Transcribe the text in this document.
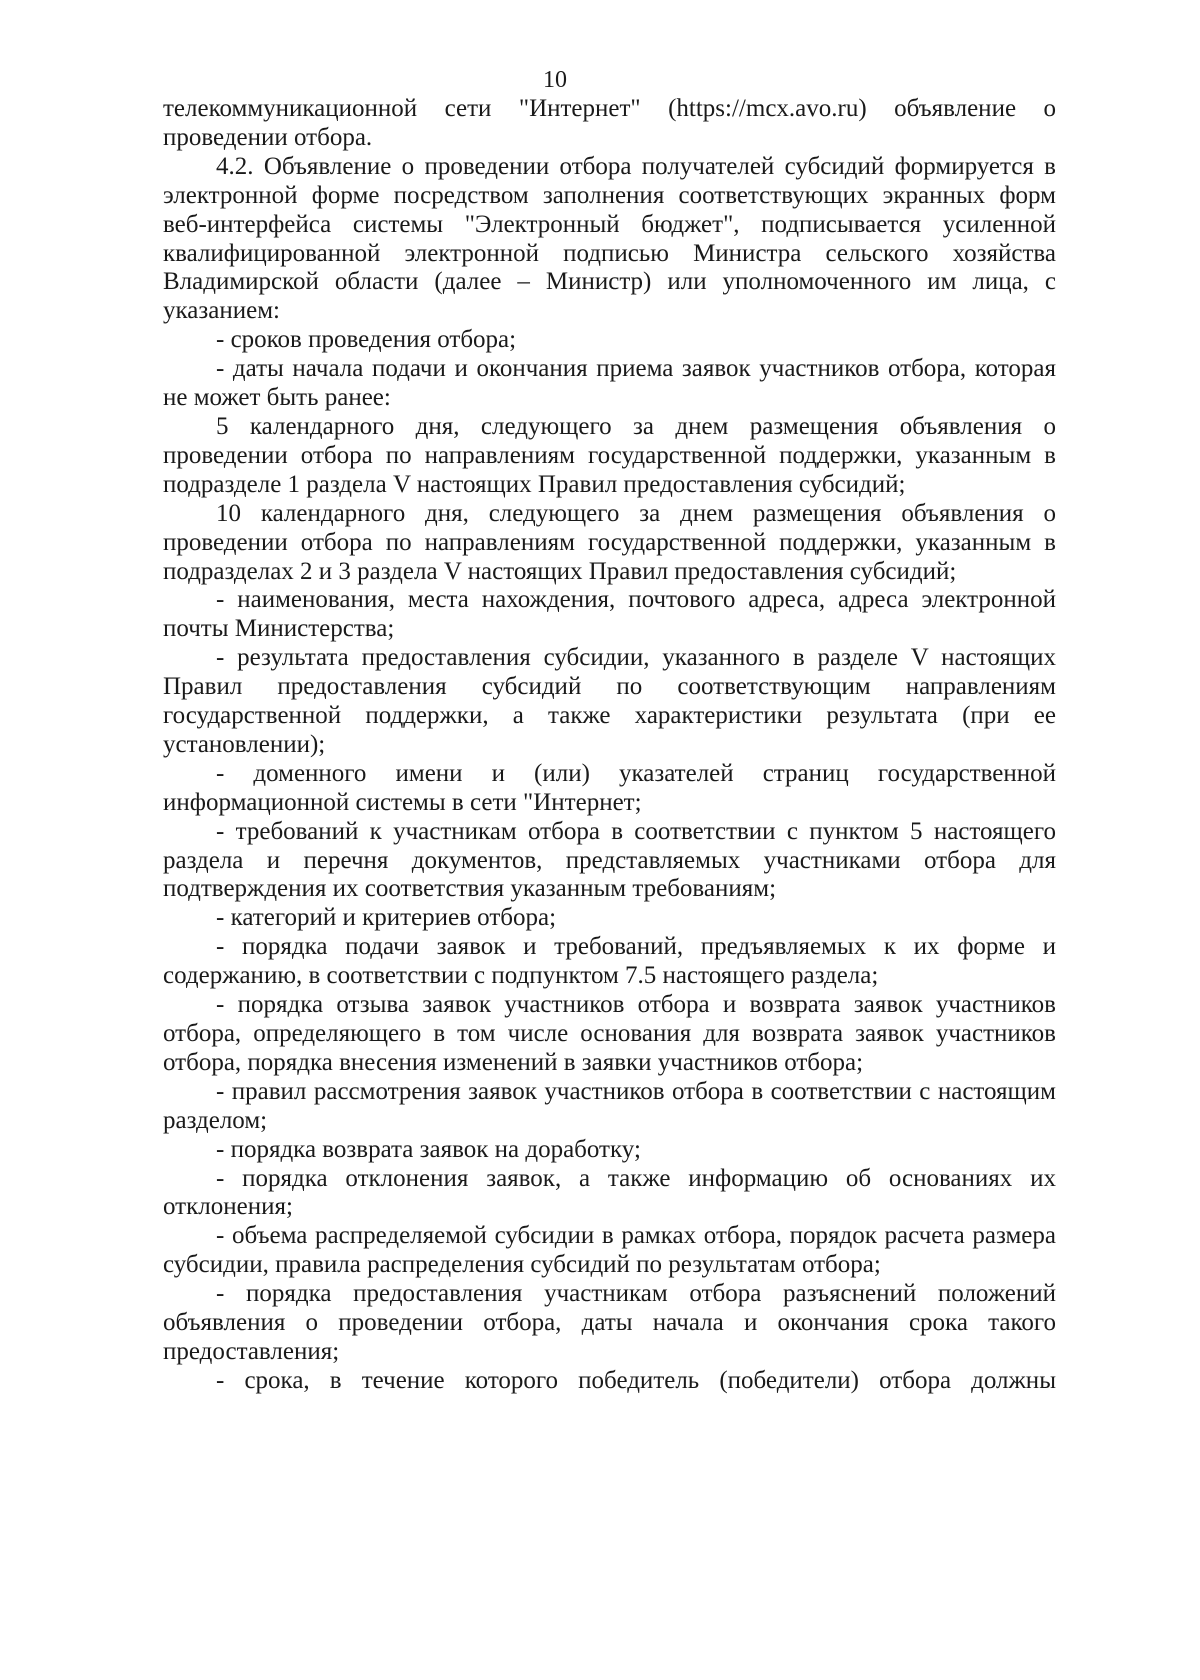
10

телекоммуникационной сети "Интернет" (https://mcx.avo.ru) объявление о проведении отбора.

4.2. Объявление о проведении отбора получателей субсидий формируется в электронной форме посредством заполнения соответствующих экранных форм веб-интерфейса системы "Электронный бюджет", подписывается усиленной квалифицированной электронной подписью Министра сельского хозяйства Владимирской области (далее – Министр) или уполномоченного им лица, с указанием:

- сроков проведения отбора;

- даты начала подачи и окончания приема заявок участников отбора, которая не может быть ранее:

5 календарного дня, следующего за днем размещения объявления о проведении отбора по направлениям государственной поддержки, указанным в подразделе 1 раздела V настоящих Правил предоставления субсидий;

10 календарного дня, следующего за днем размещения объявления о проведении отбора по направлениям государственной поддержки, указанным в подразделах 2 и 3 раздела V настоящих Правил предоставления субсидий;

- наименования, места нахождения, почтового адреса, адреса электронной почты Министерства;

- результата предоставления субсидии, указанного в разделе V настоящих Правил предоставления субсидий по соответствующим направлениям государственной поддержки, а также характеристики результата (при ее установлении);

- доменного имени и (или) указателей страниц государственной информационной системы в сети "Интернет;

- требований к участникам отбора в соответствии с пунктом 5 настоящего раздела и перечня документов, представляемых участниками отбора для подтверждения их соответствия указанным требованиям;

- категорий и критериев отбора;

- порядка подачи заявок и требований, предъявляемых к их форме и содержанию, в соответствии с подпунктом 7.5 настоящего раздела;

- порядка отзыва заявок участников отбора и возврата заявок участников отбора, определяющего в том числе основания для возврата заявок участников отбора, порядка внесения изменений в заявки участников отбора;

- правил рассмотрения заявок участников отбора в соответствии с настоящим разделом;

- порядка возврата заявок на доработку;

- порядка отклонения заявок, а также информацию об основаниях их отклонения;

- объема распределяемой субсидии в рамках отбора, порядок расчета размера субсидии, правила распределения субсидий по результатам отбора;

- порядка предоставления участникам отбора разъяснений положений объявления о проведении отбора, даты начала и окончания срока такого предоставления;

- срока, в течение которого победитель (победители) отбора должны
